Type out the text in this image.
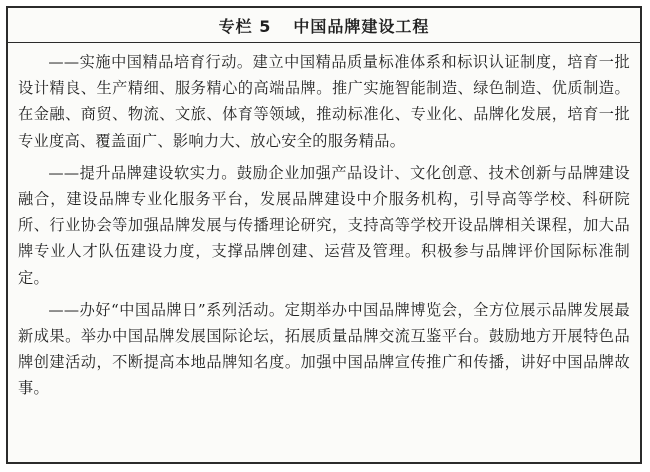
专栏 5 中国品牌建设工程

——实施中国精品培育行动。建立中国精品质量标准体系和标识认证制度，培育一批设计精良、生产精细、服务精心的高端品牌。推广实施智能制造、绿色制造、优质制造。在金融、商贸、物流、文旅、体育等领域，推动标准化、专业化、品牌化发展，培育一批专业度高、覆盖面广、影响力大、放心安全的服务精品。

——提升品牌建设软实力。鼓励企业加强产品设计、文化创意、技术创新与品牌建设融合，建设品牌专业化服务平台，发展品牌建设中介服务机构，引导高等学校、科研院所、行业协会等加强品牌发展与传播理论研究，支持高等学校开设品牌相关课程，加大品牌专业人才队伍建设力度，支撑品牌创建、运营及管理。积极参与品牌评价国际标准制定。

——办好“中国品牌日”系列活动。定期举办中国品牌博览会，全方位展示品牌发展最新成果。举办中国品牌发展国际论坛，拓展质量品牌交流互鉴平台。鼓励地方开展特色品牌创建活动，不断提高本地品牌知名度。加强中国品牌宣传推广和传播，讲好中国品牌故事。
